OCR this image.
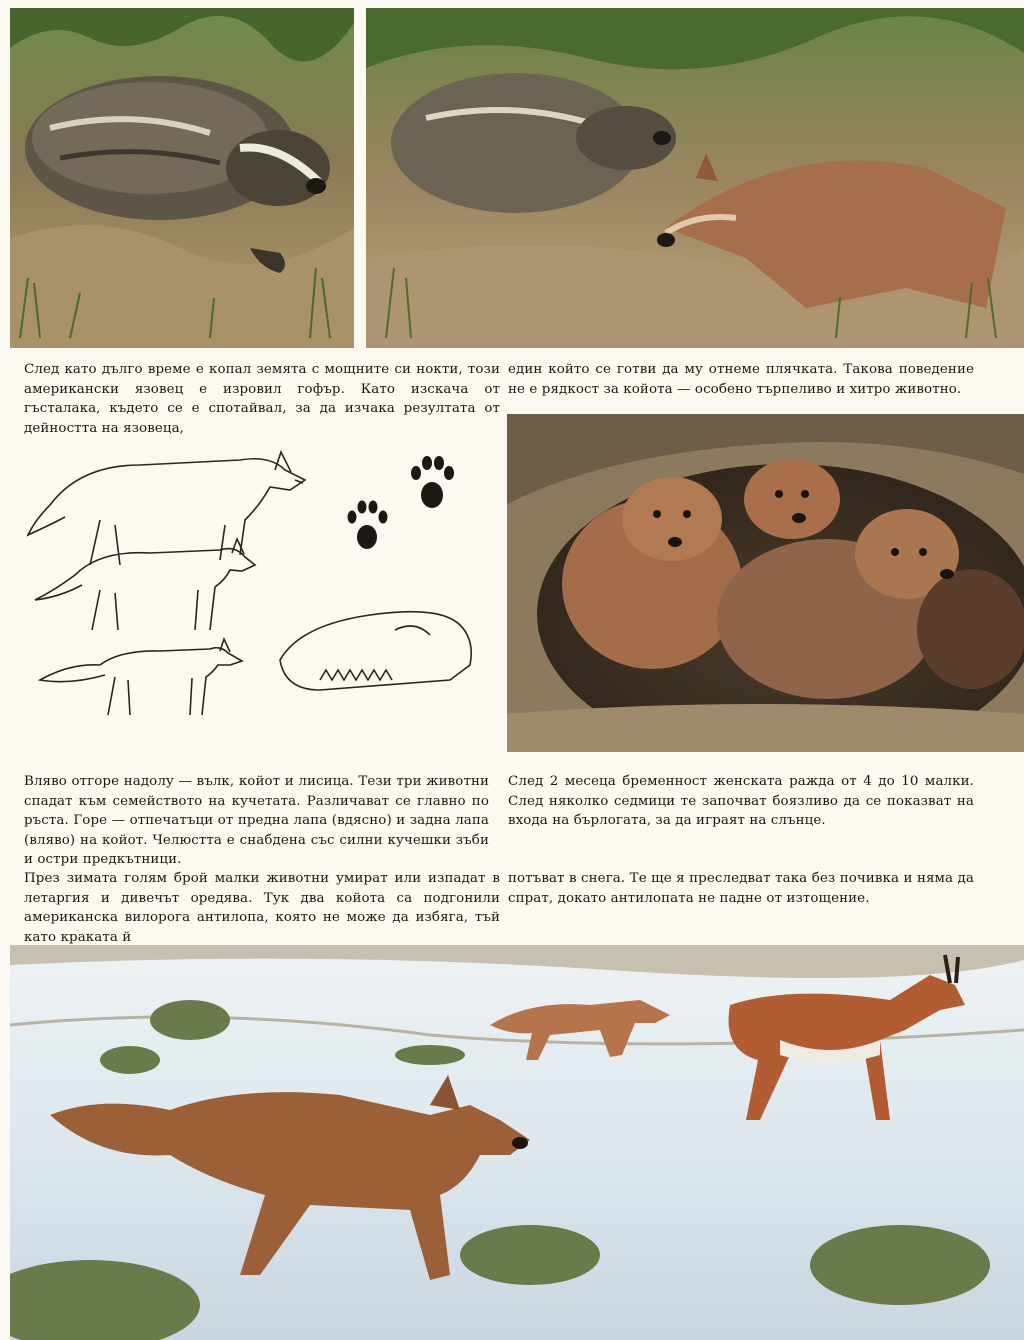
След като дълго време е копал земята с мощните си нокти, този американски язовец е изровил гофър. Като изскача от гъсталака, където се е спотайвал, за да изчака резултата от дейността на язовеца,

един който се готви да му отнеме плячката. Такова поведение не е рядкост за койота — особено търпеливо и хитро животно.

Вляво отгоре надолу — вълк, койот и лисица. Тези три животни спадат към семейството на кучетата. Различават се главно по ръста. Горе — отпечатъци от предна лапа (вдясно) и задна лапа (вляво) на койот. Челюстта е снабдена със силни кучешки зъби и остри предкътници.

След 2 месеца бременност женската ражда от 4 до 10 малки. След няколко седмици те започват боязливо да се показват на входа на бърлогата, за да играят на слънце.

През зимата голям брой малки животни умират или изпадат в летаргия и дивечът оредява. Тук два койота са подгонили американска вилорога антилопа, която не може да избяга, тъй като краката й

потъват в снега. Те ще я преследват така без почивка и няма да спрат, докато антилопата не падне от изтощение.
